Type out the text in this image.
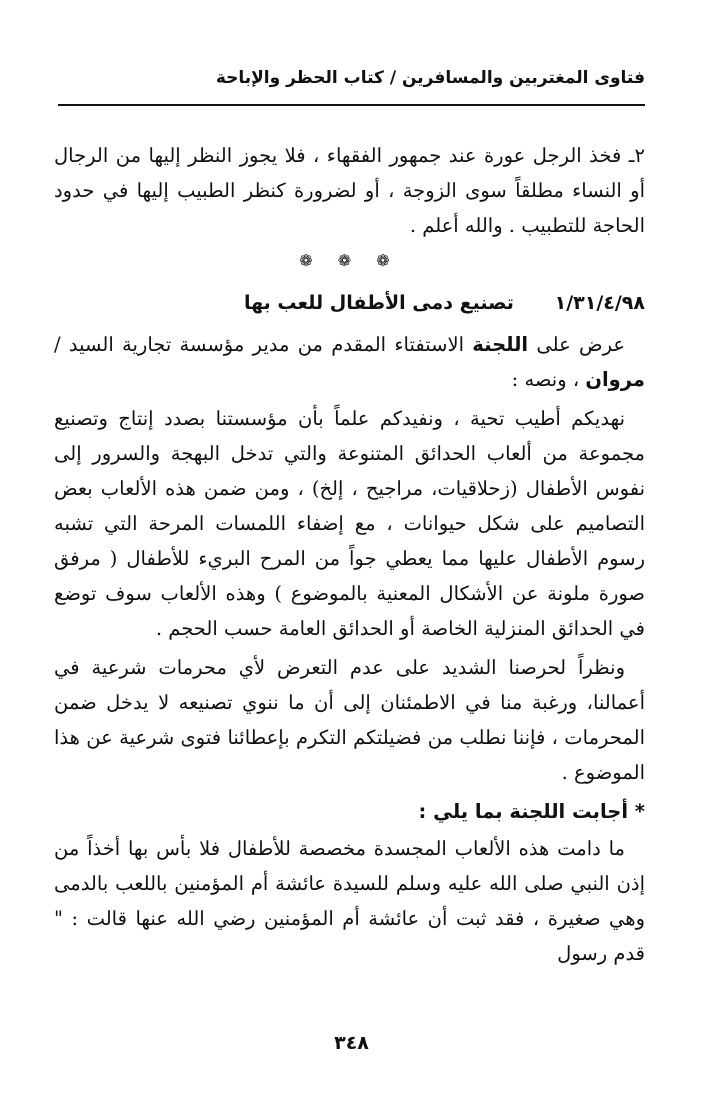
فتاوى المغتربين والمسافرين / كتاب الحظر والإباحة

٢ـ فخذ الرجل عورة عند جمهور الفقهاء ، فلا يجوز النظر إليها من الرجال أو النساء مطلقاً سوى الزوجة ، أو لضرورة كنظر الطبيب إليها في حدود الحاجة للتطبيب . والله أعلم .

❁ ❁ ❁
١/٣١/٤/٩٨
تصنيع دمى الأطفال للعب بها

عرض على اللجنة الاستفتاء المقدم من مدير مؤسسة تجارية السيد / مروان ، ونصه :

نهديكم أطيب تحية ، ونفيدكم علماً بأن مؤسستنا بصدد إنتاج وتصنيع مجموعة من ألعاب الحدائق المتنوعة والتي تدخل البهجة والسرور إلى نفوس الأطفال (زحلاقيات، مراجيح ، إلخ) ، ومن ضمن هذه الألعاب بعض التصاميم على شكل حيوانات ، مع إضفاء اللمسات المرحة التي تشبه رسوم الأطفال عليها مما يعطي جواً من المرح البريء للأطفال ( مرفق صورة ملونة عن الأشكال المعنية بالموضوع ) وهذه الألعاب سوف توضع في الحدائق المنزلية الخاصة أو الحدائق العامة حسب الحجم .

ونظراً لحرصنا الشديد على عدم التعرض لأي محرمات شرعية في أعمالنا، ورغبة منا في الاطمئنان إلى أن ما ننوي تصنيعه لا يدخل ضمن المحرمات ، فإننا نطلب من فضيلتكم التكرم بإعطائنا فتوى شرعية عن هذا الموضوع .

* أجابت اللجنة بما يلي :

ما دامت هذه الألعاب المجسدة مخصصة للأطفال فلا بأس بها أخذاً من إذن النبي صلى الله عليه وسلم للسيدة عائشة أم المؤمنين باللعب بالدمى وهي صغيرة ، فقد ثبت أن عائشة أم المؤمنين رضي الله عنها قالت : " قدم رسول

٣٤٨
